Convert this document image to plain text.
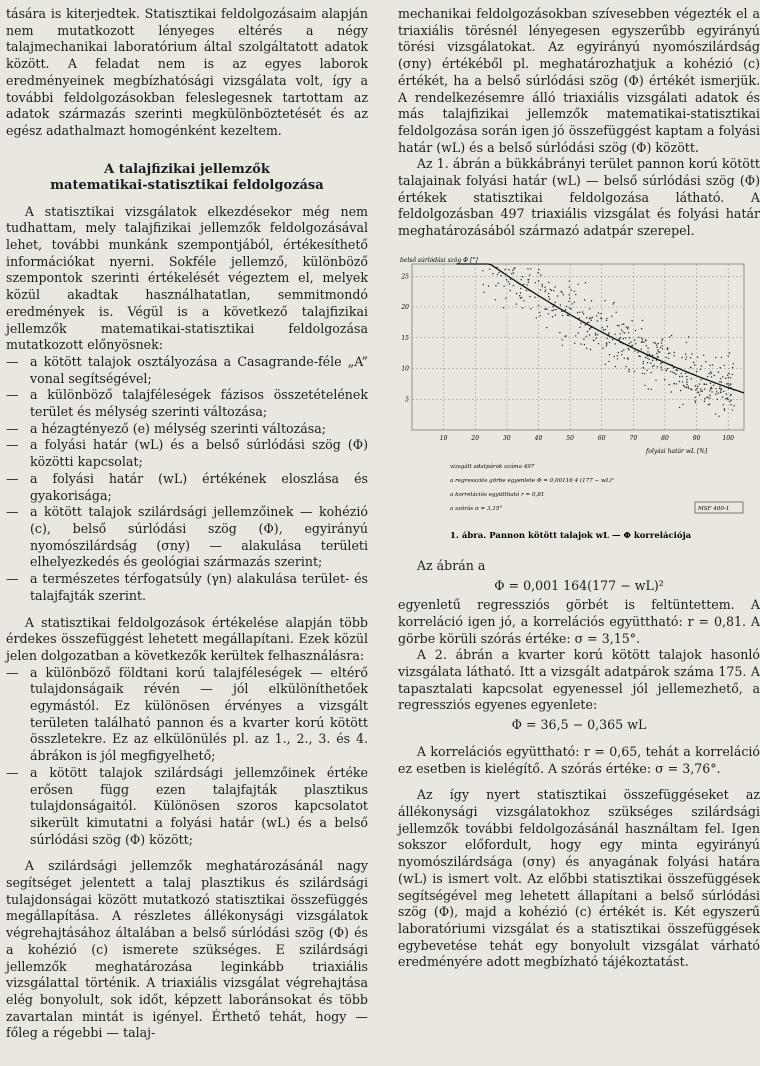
tására is kiterjedtek. Statisztikai feldolgozásaim alapján nem mutatkozott lényeges eltérés a négy talajmechanikai laboratórium által szolgáltatott adatok között. A feladat nem is az egyes laborok eredményeinek megbízhatósági vizsgálata volt, így a további feldolgozásokban feleslegesnek tartottam az adatok származás szerinti megkülönböztetését és az egész adathalmazt homogénként kezeltem.

A talajfizikai jellemzők
matematikai-statisztikai feldolgozása

A statisztikai vizsgálatok elkezdésekor még nem tudhattam, mely talajfizikai jellemzők feldolgozásával lehet, további munkánk szempontjából, értékesíthető információkat nyerni. Sokféle jellemző, különböző szempontok szerinti értékelését végeztem el, melyek közül akadtak használhatatlan, semmitmondó eredmények is. Végül is a következő talajfizikai jellemzők matematikai-statisztikai feldolgozása mutatkozott előnyösnek:

— a kötött talajok osztályozása a Casagrande-féle „A” vonal segítségével;
— a különböző talajféleségek fázisos összetételének terület és mélység szerinti változása;
— a hézagtényező (e) mélység szerinti változása;
— a folyási határ (wL) és a belső súrlódási szög (Φ) közötti kapcsolat;
— a folyási határ (wL) értékének eloszlása és gyakorisága;
— a kötött talajok szilárdsági jellemzőinek — kohézió (c), belső súrlódási szög (Φ), egyirányú nyomószilárdság (σny) — alakulása területi elhelyezkedés és geológiai származás szerint;
— a természetes térfogatsúly (γn) alakulása terület- és talajfajták szerint.

A statisztikai feldolgozások értékelése alapján több érdekes összefüggést lehetett megállapítani. Ezek közül jelen dolgozatban a következők kerültek felhasználásra:

— a különböző földtani korú talajféleségek — eltérő tulajdonságaik révén — jól elkülöníthetőek egymástól. Ez különösen érvényes a vizsgált területen található pannon és a kvarter korú kötött összletekre. Ez az elkülönülés pl. az 1., 2., 3. és 4. ábrákon is jól megfigyelhető;
— a kötött talajok szilárdsági jellemzőinek értéke erősen függ ezen talajfajták plasztikus tulajdonságaitól. Különösen szoros kapcsolatot sikerült kimutatni a folyási határ (wL) és a belső súrlódási szög (Φ) között;

A szilárdsági jellemzők meghatározásánál nagy segítséget jelentett a talaj plasztikus és szilárdsági tulajdonságai között mutatkozó statisztikai összefüggés megállapítása. A részletes állékonysági vizsgálatok végrehajtásához általában a belső súrlódási szög (Φ) és a kohézió (c) ismerete szükséges. E szilárdsági jellemzők meghatározása leginkább triaxiális vizsgálattal történik. A triaxiális vizsgálat végrehajtása elég bonyolult, sok időt, képzett laboránsokat és több zavartalan mintát is igényel. Érthető tehát, hogy — főleg a régebbi — talaj-

mechanikai feldolgozásokban szívesebben végezték el a triaxiális törésnél lényegesen egyszerűbb egyirányú törési vizsgálatokat. Az egyirányú nyomószilárdság (σny) értékéből pl. meghatározhatjuk a kohézió (c) értékét, ha a belső súrlódási szög (Φ) értékét ismerjük. A rendelkezésemre álló triaxiális vizsgálati adatok és más talajfizikai jellemzők matematikai-statisztikai feldolgozása során igen jó összefüggést kaptam a folyási határ (wL) és a belső súrlódási szög (Φ) között.

Az 1. ábrán a bükkábrányi terület pannon korú kötött talajainak folyási határ (wL) — belső súrlódási szög (Φ) értékek statisztikai feldolgozása látható. A feldolgozásban 497 triaxiális vizsgálat és folyási határ meghatározásából származó adatpár szerepel.

belső súrlódási szög Φ [°]
10	20	30	40	50	60	70	80	90	100
5
10
15
20
25
folyási határ wL [%]
vizsgált adatpárok száma 497
a regressziós görbe egyenlete Φ = 0,00116 4 (177 − wL)²
a korrelációs együttható r = 0,81
a szórás σ = 3,15°	MSF 400-1
1. ábra. Pannon kötött talajok wL — Φ korrelációja

Az ábrán a

Φ = 0,001 164(177 − wL)²

egyenletű regressziós görbét is feltüntettem. A korreláció igen jó, a korrelációs együttható: r = 0,81. A görbe körüli szórás értéke: σ = 3,15°.

A 2. ábrán a kvarter korú kötött talajok hasonló vizsgálata látható. Itt a vizsgált adatpárok száma 175. A tapasztalati kapcsolat egyenessel jól jellemezhető, a regressziós egyenes egyenlete:

Φ = 36,5 − 0,365 wL

A korrelációs együttható: r = 0,65, tehát a korreláció ez esetben is kielégítő. A szórás értéke: σ = 3,76°.

Az így nyert statisztikai összefüggéseket az állékonysági vizsgálatokhoz szükséges szilárdsági jellemzők további feldolgozásánál használtam fel. Igen sokszor előfordult, hogy egy minta egyirányú nyomószilárdsága (σny) és anyagának folyási határa (wL) is ismert volt. Az előbbi statisztikai összefüggések segítségével meg lehetett állapítani a belső súrlódási szög (Φ), majd a kohézió (c) értékét is. Két egyszerű laboratóriumi vizsgálat és a statisztikai összefüggések egybevetése tehát egy bonyolult vizsgálat várható eredményére adott megbízható tájékoztatást.
